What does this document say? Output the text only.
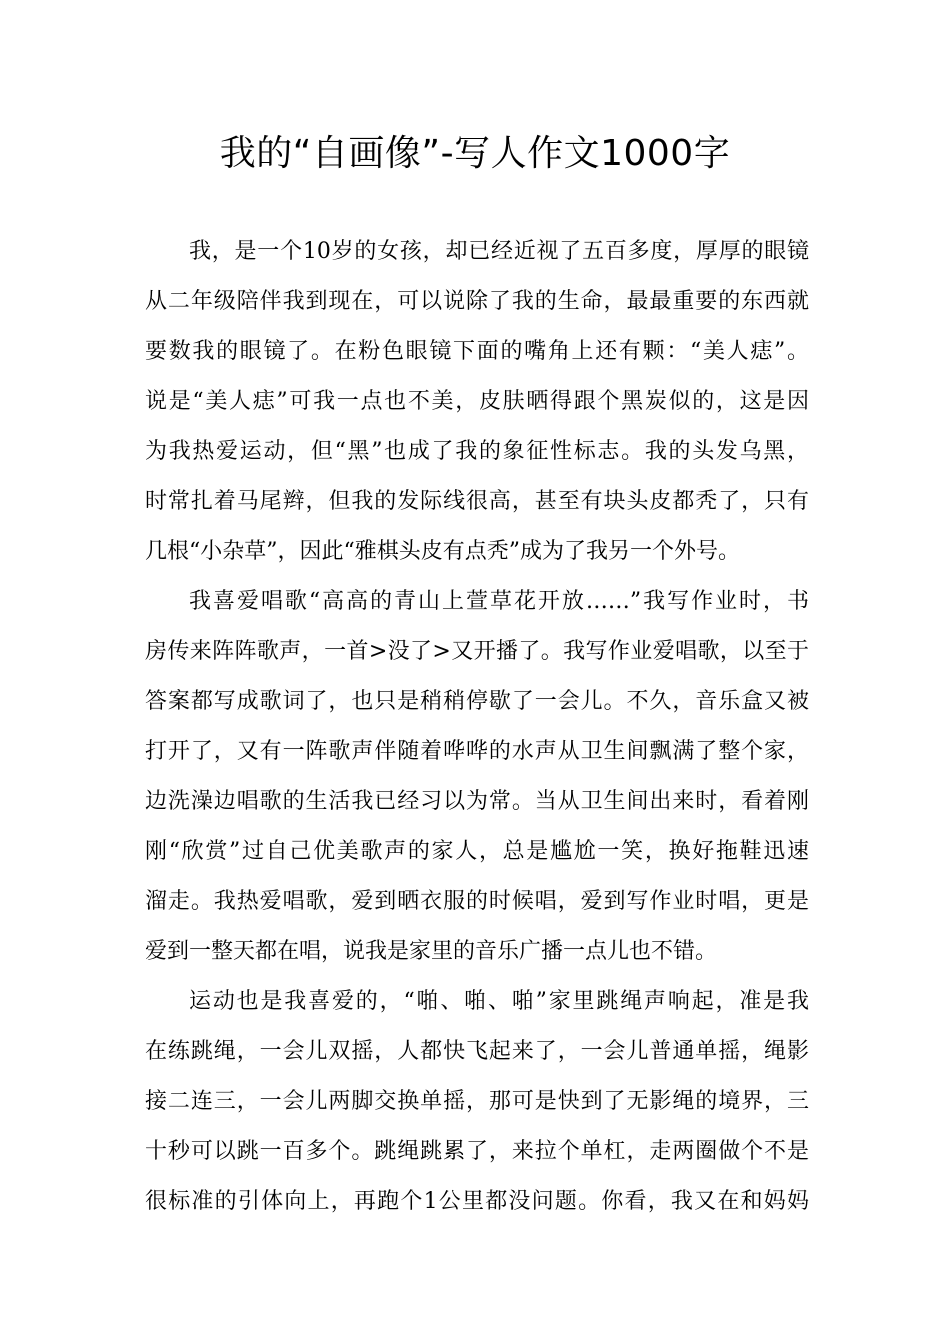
我的“自画像”-写人作文1000字
我，是一个10岁的女孩，却已经近视了五百多度，厚厚的眼镜
从二年级陪伴我到现在，可以说除了我的生命，最最重要的东西就
要数我的眼镜了。在粉色眼镜下面的嘴角上还有颗：“美人痣”。
说是“美人痣”可我一点也不美，皮肤晒得跟个黑炭似的，这是因
为我热爱运动，但“黑”也成了我的象征性标志。我的头发乌黑，
时常扎着马尾辫，但我的发际线很高，甚至有块头皮都秃了，只有
几根“小杂草”，因此“雅棋头皮有点秃”成为了我另一个外号。
我喜爱唱歌“高高的青山上萱草花开放……”我写作业时，书
房传来阵阵歌声，一首>没了>又开播了。我写作业爱唱歌，以至于
答案都写成歌词了，也只是稍稍停歇了一会儿。不久，音乐盒又被
打开了，又有一阵歌声伴随着哗哗的水声从卫生间飘满了整个家，
边洗澡边唱歌的生活我已经习以为常。当从卫生间出来时，看着刚
刚“欣赏”过自己优美歌声的家人，总是尴尬一笑，换好拖鞋迅速
溜走。我热爱唱歌，爱到晒衣服的时候唱，爱到写作业时唱，更是
爱到一整天都在唱，说我是家里的音乐广播一点儿也不错。
运动也是我喜爱的，“啪、啪、啪”家里跳绳声响起，准是我
在练跳绳，一会儿双摇，人都快飞起来了，一会儿普通单摇，绳影
接二连三，一会儿两脚交换单摇，那可是快到了无影绳的境界，三
十秒可以跳一百多个。跳绳跳累了，来拉个单杠，走两圈做个不是
很标准的引体向上，再跑个1公里都没问题。你看，我又在和妈妈
